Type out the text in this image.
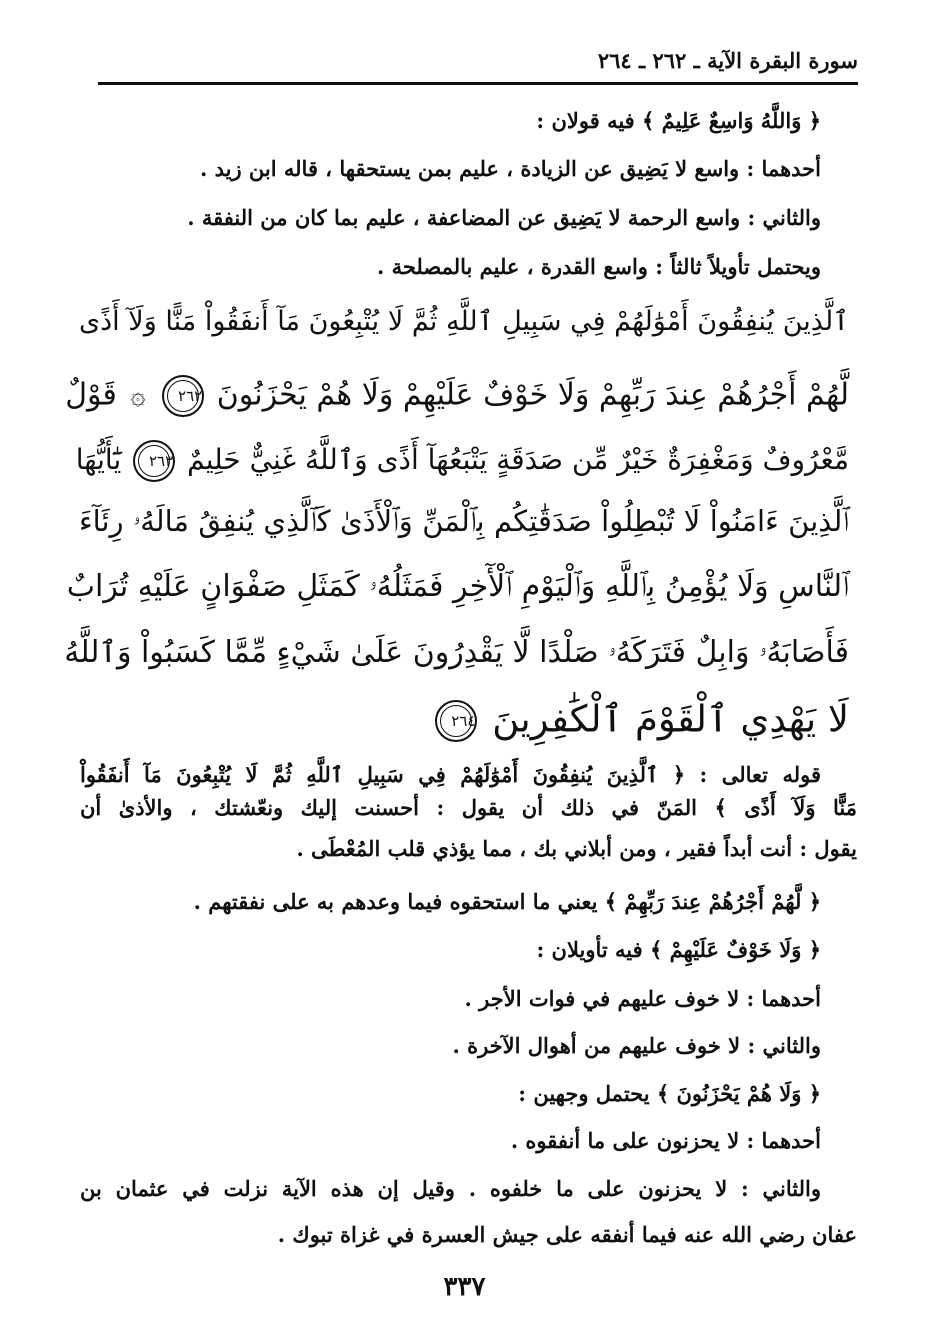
سورة البقرة الآية ـ ٢٦٢ ـ ٢٦٤
﴿ وَاللَّهُ وَاسِعٌ عَلِيمٌ ﴾ فيه قولان :
أحدهما : واسع لا يَضِيق عن الزيادة ، عليم بمن يستحقها ، قاله ابن زيد .
والثاني : واسع الرحمة لا يَضِيق عن المضاعفة ، عليم بما كان من النفقة .
ويحتمل تأويلاً ثالثاً : واسع القدرة ، عليم بالمصلحة .
ٱلَّذِينَ يُنفِقُونَ أَمْوَٰلَهُمْ فِي سَبِيلِ ٱللَّهِ ثُمَّ لَا يُتْبِعُونَ مَآ أَنفَقُواْ مَنًّا وَلَآ أَذًى
لَّهُمْ أَجْرُهُمْ عِندَ رَبِّهِمْ وَلَا خَوْفٌ عَلَيْهِمْ وَلَا هُمْ يَحْزَنُونَ ٢٦٢ ۞ قَوْلٌ
مَّعْرُوفٌ وَمَغْفِرَةٌ خَيْرٌ مِّن صَدَقَةٍ يَتْبَعُهَآ أَذًى وَٱللَّهُ غَنِيٌّ حَلِيمٌ ٢٦٣ يَٰٓأَيُّهَا
ٱلَّذِينَ ءَامَنُواْ لَا تُبْطِلُواْ صَدَقَٰتِكُم بِٱلْمَنِّ وَٱلْأَذَىٰ كَٱلَّذِي يُنفِقُ مَالَهُۥ رِئَآءَ
ٱلنَّاسِ وَلَا يُؤْمِنُ بِٱللَّهِ وَٱلْيَوْمِ ٱلْأٓخِرِ فَمَثَلُهُۥ كَمَثَلِ صَفْوَانٍ عَلَيْهِ تُرَابٌ
فَأَصَابَهُۥ وَابِلٌ فَتَرَكَهُۥ صَلْدًا لَّا يَقْدِرُونَ عَلَىٰ شَيْءٍ مِّمَّا كَسَبُواْ وَٱللَّهُ
لَا يَهْدِي ٱلْقَوْمَ ٱلْكَٰفِرِينَ ٢٦٤
قوله تعالى : ﴿ ٱلَّذِينَ يُنفِقُونَ أَمْوَٰلَهُمْ فِي سَبِيلِ ٱللَّهِ ثُمَّ لَا يُتْبِعُونَ مَآ أَنفَقُواْ
مَنًّا وَلَآ أَذًى ﴾ المَنّ في ذلك أن يقول : أحسنت إليك ونعّشتك ، والأذىٰ أن
يقول : أنت أبداً فقير ، ومن أبلاني بك ، مما يؤذي قلب المُعْطَى .
﴿ لَّهُمْ أَجْرُهُمْ عِندَ رَبِّهِمْ ﴾ يعني ما استحقوه فيما وعدهم به على نفقتهم .
﴿ وَلَا خَوْفٌ عَلَيْهِمْ ﴾ فيه تأويلان :
أحدهما : لا خوف عليهم في فوات الأجر .
والثاني : لا خوف عليهم من أهوال الآخرة .
﴿ وَلَا هُمْ يَحْزَنُونَ ﴾ يحتمل وجهين :
أحدهما : لا يحزنون على ما أنفقوه .
والثاني : لا يحزنون على ما خلفوه . وقيل إن هذه الآية نزلت في عثمان بن
عفان رضي الله عنه فيما أنفقه على جيش العسرة في غزاة تبوك .
٣٣٧
